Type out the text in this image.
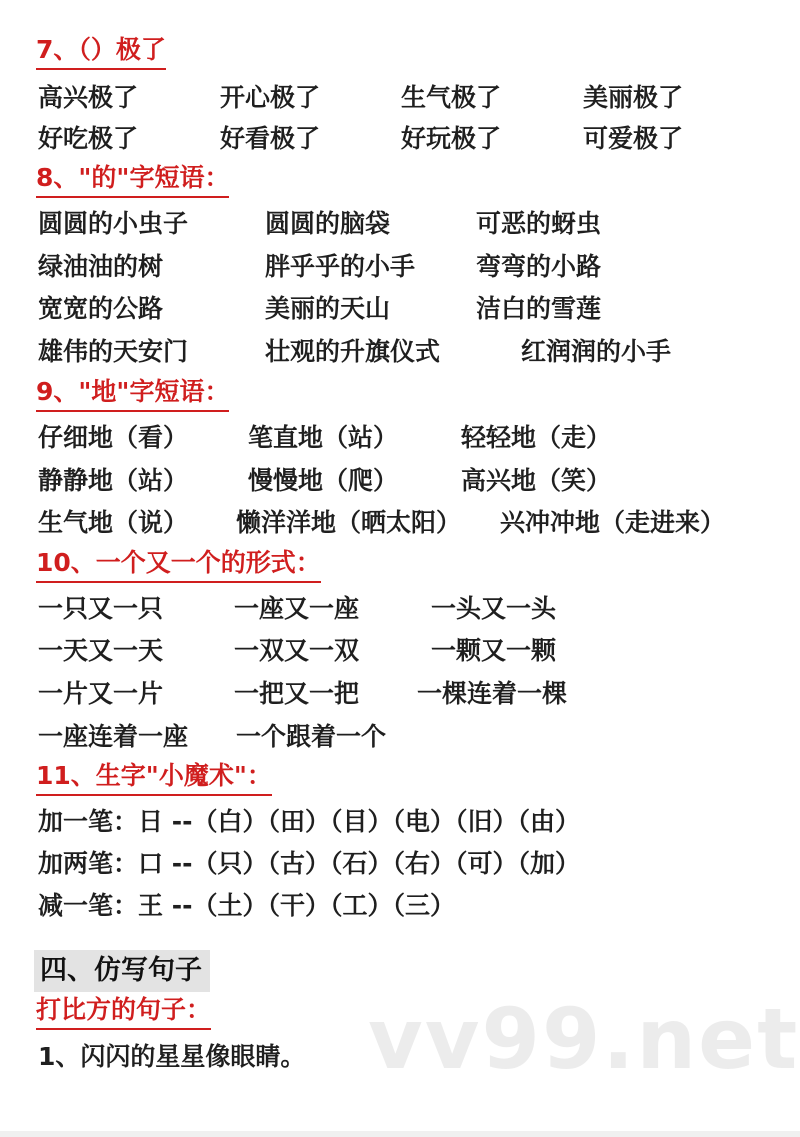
7、（）极了
高兴极了	开心极了	生气极了	美丽极了
好吃极了	好看极了	好玩极了	可爱极了
8、"的"字短语：
圆圆的小虫子	圆圆的脑袋	可恶的蚜虫
绿油油的树	胖乎乎的小手 弯弯的小路
宽宽的公路	美丽的天山	洁白的雪莲
雄伟的天安门	壮观的升旗仪式	红润润的小手
9、"地"字短语：
仔细地（看） 笔直地（站）	轻轻地（走）
静静地（站） 慢慢地（爬）	高兴地（笑）
生气地（说） 懒洋洋地（晒太阳） 兴冲冲地（走进来）
10、一个又一个的形式：
一只又一只	一座又一座	一头又一头
一天又一天	一双又一双	一颗又一颗
一片又一片	一把又一把 一棵连着一棵
一座连着一座 一个跟着一个
11、生字"小魔术"：
加一笔：日 --（白）（田）（目）（电）（旧）（由）
加两笔：口 --（只）（古）（石）（右）（可）（加）
减一笔：王 --（土）（干）（工）（三）
四、仿写句子
打比方的句子：
1、闪闪的星星像眼睛。 vv99.net
